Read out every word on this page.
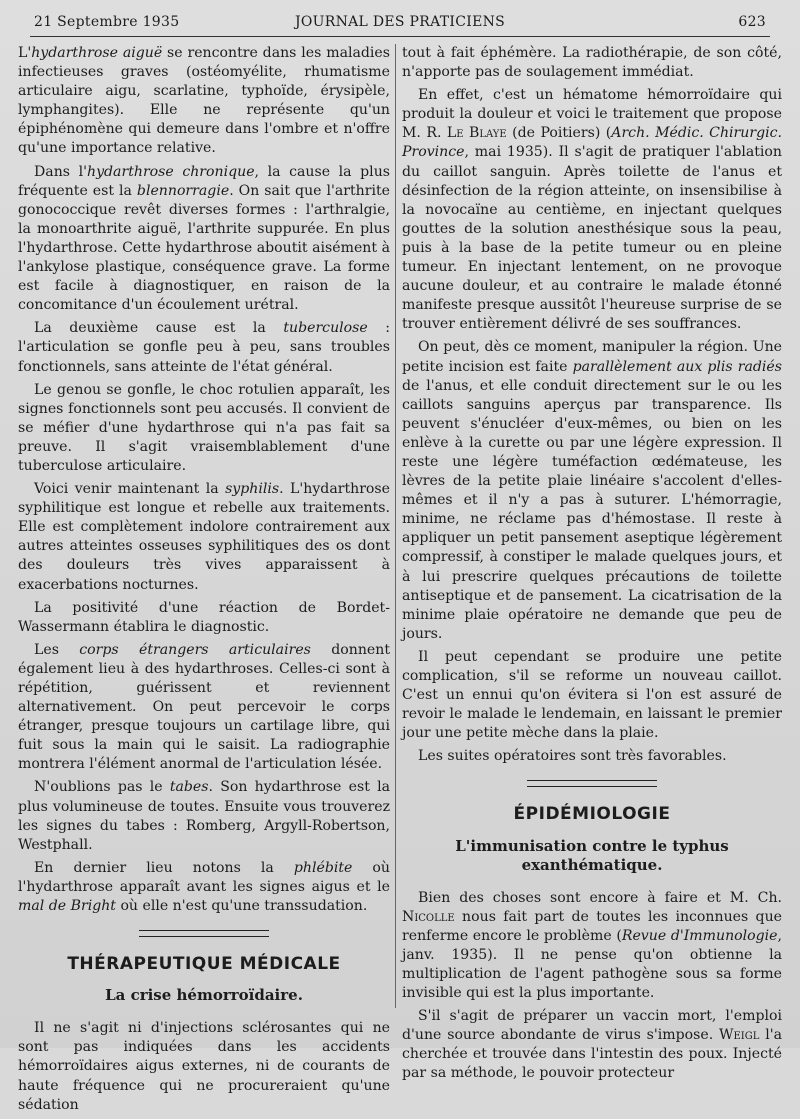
21 Septembre 1935	JOURNAL DES PRATICIENS	623

L'hydarthrose aiguë se rencontre dans les maladies infectieuses graves (ostéomyélite, rhumatisme articulaire aigu, scarlatine, typhoïde, érysipèle, lymphangites). Elle ne représente qu'un épiphénomène qui demeure dans l'ombre et n'offre qu'une importance relative.

Dans l'hydarthrose chronique, la cause la plus fréquente est la blennorragie. On sait que l'arthrite gonococcique revêt diverses formes : l'arthralgie, la monoarthrite aiguë, l'arthrite suppurée. En plus l'hydarthrose. Cette hydarthrose aboutit aisément à l'ankylose plastique, conséquence grave. La forme est facile à diagnostiquer, en raison de la concomitance d'un écoulement urétral.

La deuxième cause est la tuberculose : l'articulation se gonfle peu à peu, sans troubles fonctionnels, sans atteinte de l'état général.

Le genou se gonfle, le choc rotulien apparaît, les signes fonctionnels sont peu accusés. Il convient de se méfier d'une hydarthrose qui n'a pas fait sa preuve. Il s'agit vraisemblablement d'une tuberculose articulaire.

Voici venir maintenant la syphilis. L'hydarthrose syphilitique est longue et rebelle aux traitements. Elle est complètement indolore contrairement aux autres atteintes osseuses syphilitiques des os dont des douleurs très vives apparaissent à exacerbations nocturnes.

La positivité d'une réaction de Bordet-Wassermann établira le diagnostic.

Les corps étrangers articulaires donnent également lieu à des hydarthroses. Celles-ci sont à répétition, guérissent et reviennent alternativement. On peut percevoir le corps étranger, presque toujours un cartilage libre, qui fuit sous la main qui le saisit. La radiographie montrera l'élément anormal de l'articulation lésée.

N'oublions pas le tabes. Son hydarthrose est la plus volumineuse de toutes. Ensuite vous trouverez les signes du tabes : Romberg, Argyll-Robertson, Westphall.

En dernier lieu notons la phlébite où l'hydarthrose apparaît avant les signes aigus et le mal de Bright où elle n'est qu'une transsudation.

THÉRAPEUTIQUE MÉDICALE
La crise hémorroïdaire.

Il ne s'agit ni d'injections sclérosantes qui ne sont pas indiquées dans les accidents hémorroïdaires aigus externes, ni de courants de haute fréquence qui ne procureraient qu'une sédation

tout à fait éphémère. La radiothérapie, de son côté, n'apporte pas de soulagement immédiat.

En effet, c'est un hématome hémorroïdaire qui produit la douleur et voici le traitement que propose M. R. Le Blaye (de Poitiers) (Arch. Médic. Chirurgic. Province, mai 1935). Il s'agit de pratiquer l'ablation du caillot sanguin. Après toilette de l'anus et désinfection de la région atteinte, on insensibilise à la novocaïne au centième, en injectant quelques gouttes de la solution anesthésique sous la peau, puis à la base de la petite tumeur ou en pleine tumeur. En injectant lentement, on ne provoque aucune douleur, et au contraire le malade étonné manifeste presque aussitôt l'heureuse surprise de se trouver entièrement délivré de ses souffrances.

On peut, dès ce moment, manipuler la région. Une petite incision est faite parallèlement aux plis radiés de l'anus, et elle conduit directement sur le ou les caillots sanguins aperçus par transparence. Ils peuvent s'énucléer d'eux-mêmes, ou bien on les enlève à la curette ou par une légère expression. Il reste une légère tuméfaction œdémateuse, les lèvres de la petite plaie linéaire s'accolent d'elles-mêmes et il n'y a pas à suturer. L'hémorragie, minime, ne réclame pas d'hémostase. Il reste à appliquer un petit pansement aseptique légèrement compressif, à constiper le malade quelques jours, et à lui prescrire quelques précautions de toilette antiseptique et de pansement. La cicatrisation de la minime plaie opératoire ne demande que peu de jours.

Il peut cependant se produire une petite complication, s'il se reforme un nouveau caillot. C'est un ennui qu'on évitera si l'on est assuré de revoir le malade le lendemain, en laissant le premier jour une petite mèche dans la plaie.

Les suites opératoires sont très favorables.

ÉPIDÉMIOLOGIE
L'immunisation contre le typhus exanthématique.

Bien des choses sont encore à faire et M. Ch. Nicolle nous fait part de toutes les inconnues que renferme encore le problème (Revue d'Immunologie, janv. 1935). Il ne pense qu'on obtienne la multiplication de l'agent pathogène sous sa forme invisible qui est la plus importante.

S'il s'agit de préparer un vaccin mort, l'emploi d'une source abondante de virus s'impose. Weigl l'a cherchée et trouvée dans l'intestin des poux. Injecté par sa méthode, le pouvoir protecteur
